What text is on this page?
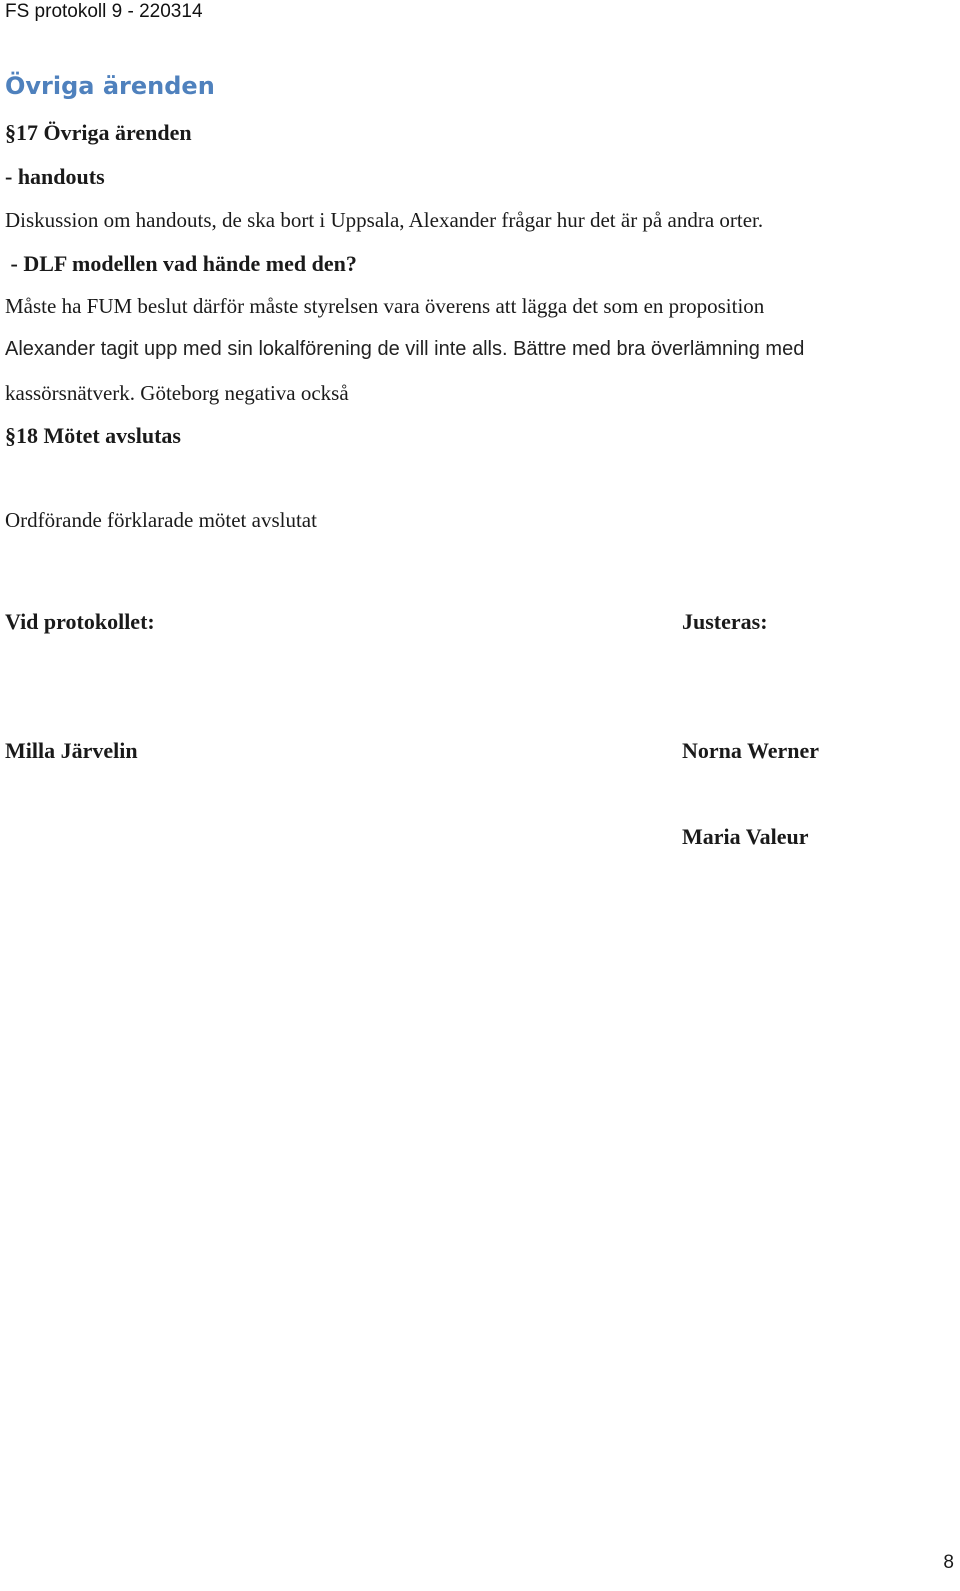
FS protokoll 9 - 220314
Övriga ärenden
§17 Övriga ärenden
- handouts
Diskussion om handouts, de ska bort i Uppsala, Alexander frågar hur det är på andra orter.
- DLF modellen vad hände med den?
Måste ha FUM beslut därför måste styrelsen vara överens att lägga det som en proposition
Alexander tagit upp med sin lokalförening de vill inte alls. Bättre med bra överlämning med
kassörsnätverk. Göteborg negativa också
§18 Mötet avslutas
Ordförande förklarade mötet avslutat
Vid protokollet:	Justeras:
Milla Järvelin	Norna Werner
Maria Valeur
8
